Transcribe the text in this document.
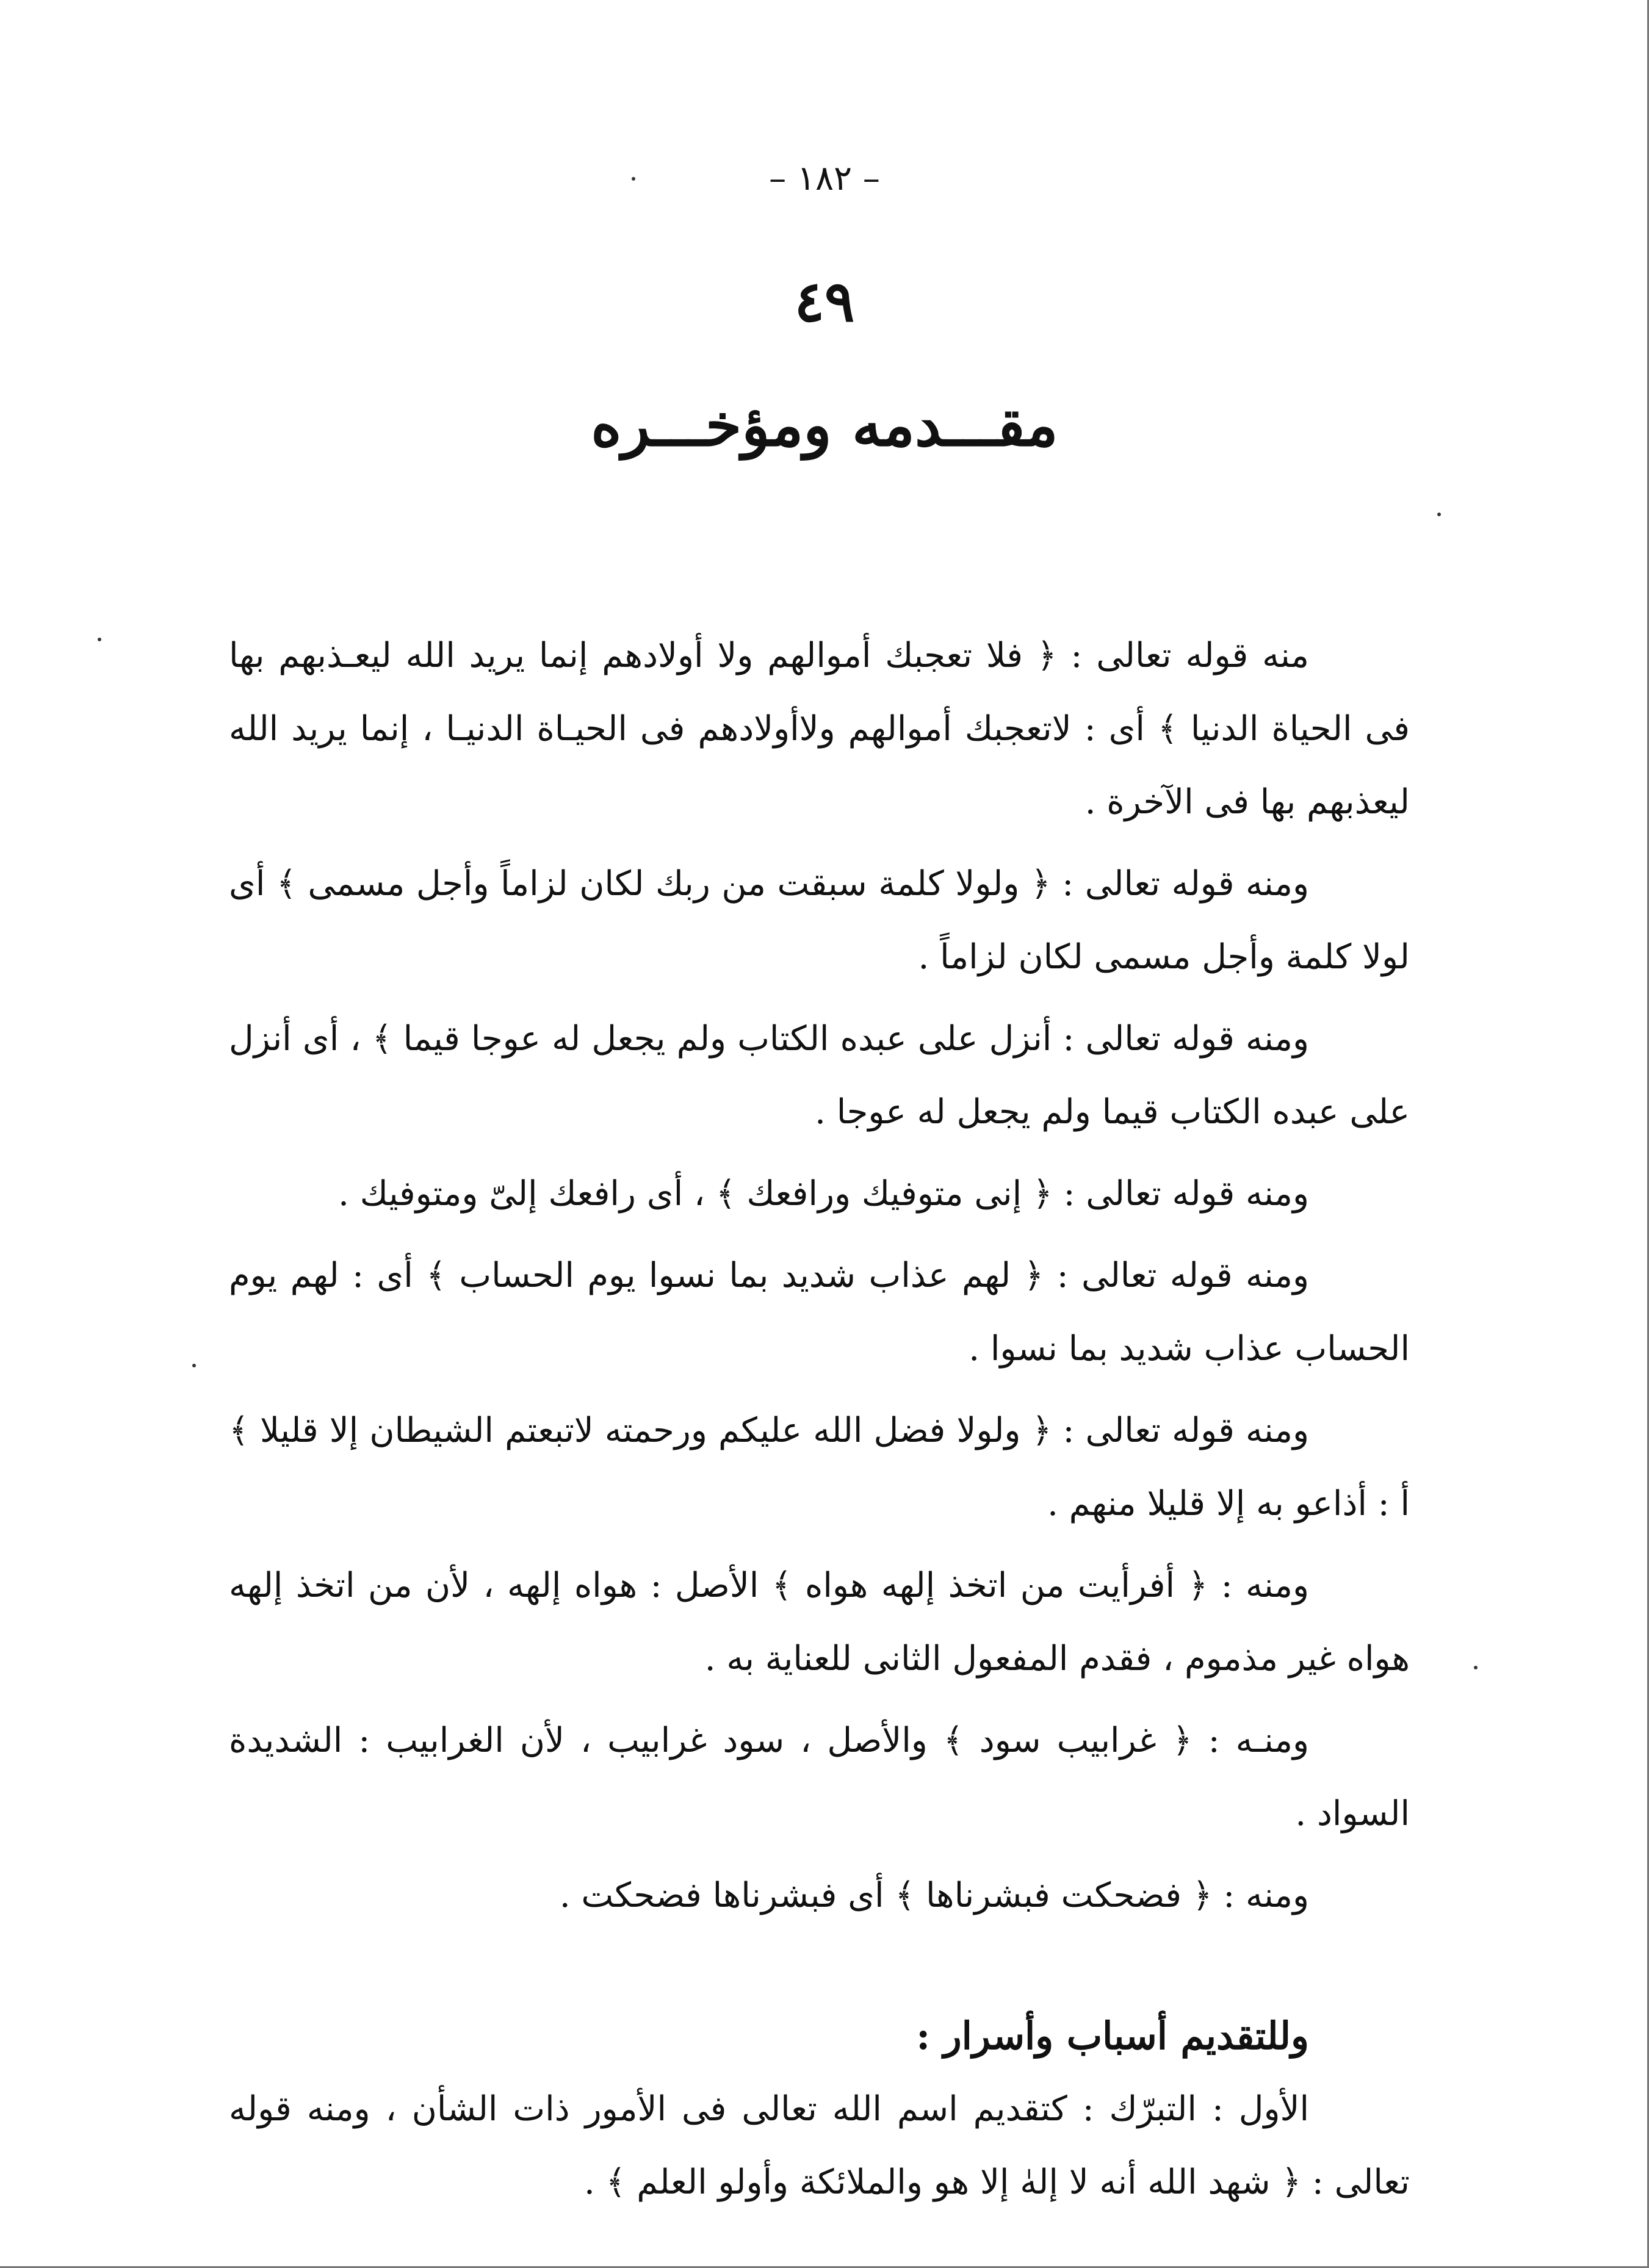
– ١٨٢ –
٤٩
مقـــدمه ومؤخـــره

منه قوله تعالى : ﴿ فلا تعجبك أموالهم ولا أولادهم إنما يريد الله ليعـذبهم بها فى الحياة الدنيا ﴾ أى : لاتعجبك أموالهم ولاأولادهم فى الحيـاة الدنيـا ، إنما يريد الله ليعذبهم بها فى الآخرة .

ومنه قوله تعالى : ﴿ ولولا كلمة سبقت من ربك لكان لزاماً وأجل مسمى ﴾ أى لولا كلمة وأجل مسمى لكان لزاماً .

ومنه قوله تعالى : أنزل على عبده الكتاب ولم يجعل له عوجا قيما ﴾ ، أى أنزل على عبده الكتاب قيما ولم يجعل له عوجا .

ومنه قوله تعالى : ﴿ إنى متوفيك ورافعك ﴾ ، أى رافعك إلىّ ومتوفيك .

ومنه قوله تعالى : ﴿ لهم عذاب شديد بما نسوا يوم الحساب ﴾ أى : لهم يوم الحساب عذاب شديد بما نسوا .

ومنه قوله تعالى : ﴿ ولولا فضل الله عليكم ورحمته لاتبعتم الشيطان إلا قليلا ﴾ أ : أذاعو به إلا قليلا منهم .

ومنه : ﴿ أفرأيت من اتخذ إلهه هواه ﴾ الأصل : هواه إلهه ، لأن من اتخذ إلهه هواه غير مذموم ، فقدم المفعول الثانى للعناية به .

ومنـه : ﴿ غرابيب سود ﴾ والأصل ، سود غرابيب ، لأن الغرابيب : الشديدة السواد .

ومنه : ﴿ فضحكت فبشرناها ﴾ أى فبشرناها فضحكت .

وللتقديم أسباب وأسرار :

الأول : التبرّك : كتقديم اسم الله تعالى فى الأمور ذات الشأن ، ومنه قوله تعالى : ﴿ شهد الله أنه لا إلهٰ إلا هو والملائكة وأولو العلم ﴾ .
